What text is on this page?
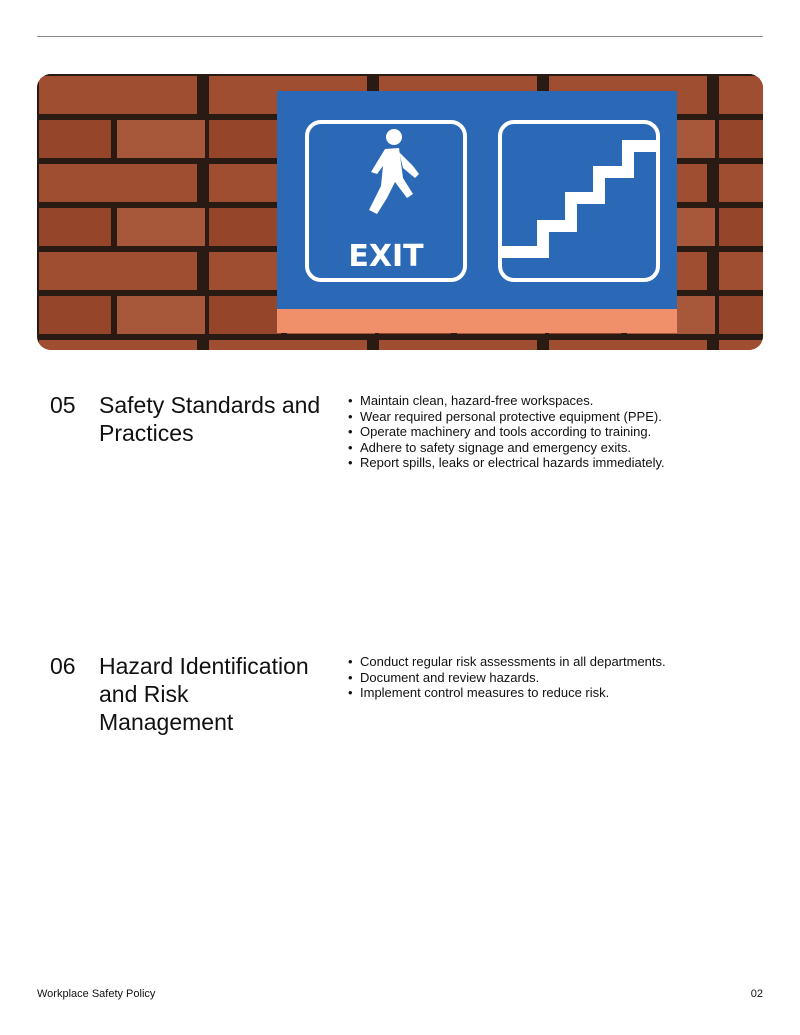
EXIT
05 Safety Standards and Practices
• Maintain clean, hazard-free workspaces.
• Wear required personal protective equipment (PPE).
• Operate machinery and tools according to training.
• Adhere to safety signage and emergency exits.
• Report spills, leaks or electrical hazards immediately.
06 Hazard Identification and Risk Management
• Conduct regular risk assessments in all departments.
• Document and review hazards.
• Implement control measures to reduce risk.
Workplace Safety Policy	02
